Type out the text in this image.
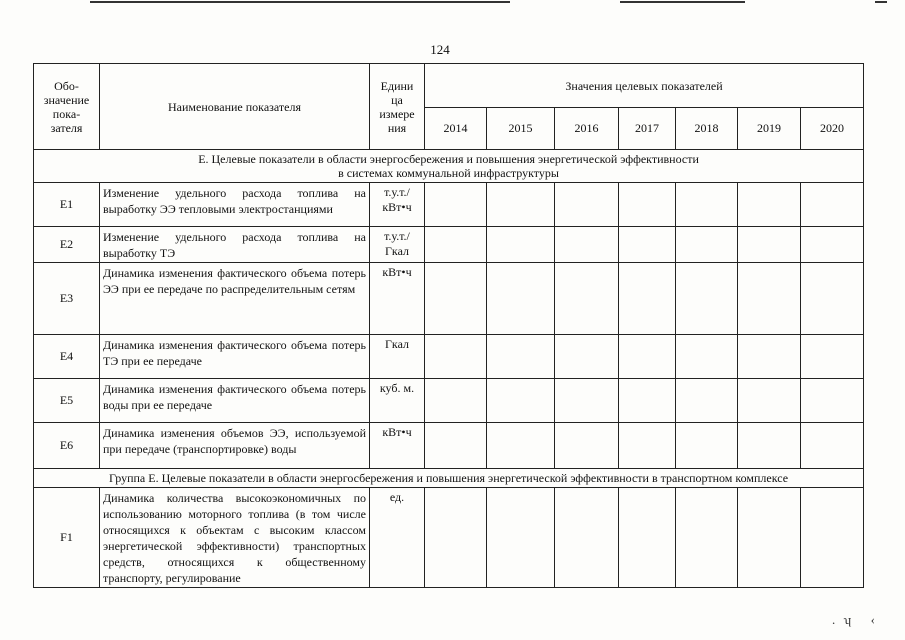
124
Обо-
значение
пока-
зателя	Наименование показателя	Едини
ца
измере
ния	Значения целевых показателей						
			2014	2015	2016	2017	2018	2019	2020
Е. Целевые показатели в области энергосбережения и повышения энергетической эффективности
в системах коммунальной инфраструктуры									
Е1	Изменение удельного расхода топлива на выработку ЭЭ тепловыми электростанциями	т.у.т./
кВт•ч							
Е2	Изменение удельного расхода топлива на выработку ТЭ	т.у.т./
Гкал							
Е3	Динамика изменения фактического объема потерь ЭЭ при ее передаче по распределительным сетям	кВт•ч							
Е4	Динамика изменения фактического объема потерь ТЭ при ее передаче	Гкал							
Е5	Динамика изменения фактического объема потерь воды при ее передаче	куб. м.							
Е6	Динамика изменения объемов ЭЭ, используемой при передаче (транспортировке) воды	кВт•ч							
Группа Е. Целевые показатели в области энергосбережения и повышения энергетической эффективности в транспортном комплексе									
F1	Динамика количества высокоэкономичных по использованию моторного топлива (в том числе относящихся к объектам с высоким классом энергетической эффективности) транспортных средств, относящихся к общественному транспорту, регулирование	ед.							
.ʮ ‹
